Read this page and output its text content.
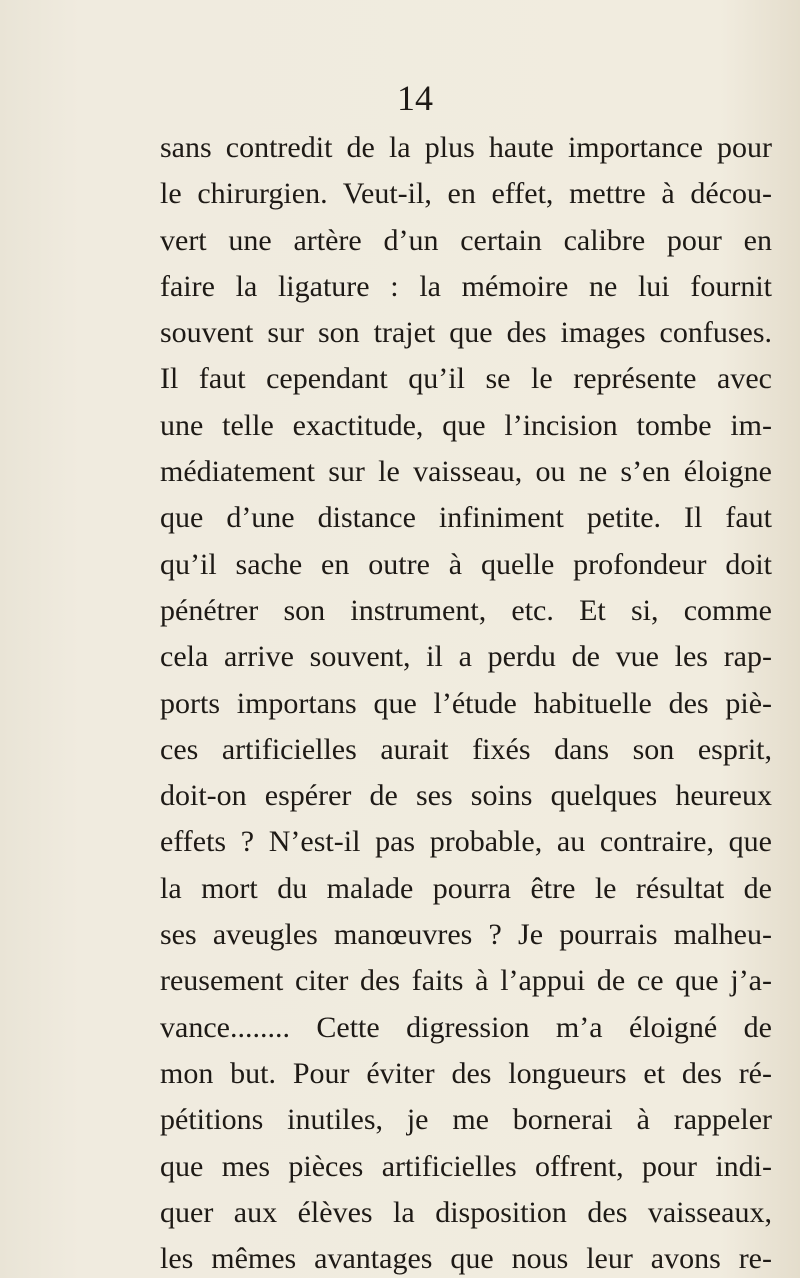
14
sans contredit de la plus haute importance pour
le chirurgien. Veut-il, en effet, mettre à décou-
vert une artère d’un certain calibre pour en
faire la ligature : la mémoire ne lui fournit
souvent sur son trajet que des images confuses.
Il faut cependant qu’il se le représente avec
une telle exactitude, que l’incision tombe im-
médiatement sur le vaisseau, ou ne s’en éloigne
que d’une distance infiniment petite. Il faut
qu’il sache en outre à quelle profondeur doit
pénétrer son instrument, etc. Et si, comme
cela arrive souvent, il a perdu de vue les rap-
ports importans que l’étude habituelle des piè-
ces artificielles aurait fixés dans son esprit,
doit-on espérer de ses soins quelques heureux
effets ? N’est-il pas probable, au contraire, que
la mort du malade pourra être le résultat de
ses aveugles manœuvres ? Je pourrais malheu-
reusement citer des faits à l’appui de ce que j’a-
vance........ Cette digression m’a éloigné de
mon but. Pour éviter des longueurs et des ré-
pétitions inutiles, je me bornerai à rappeler
que mes pièces artificielles offrent, pour indi-
quer aux élèves la disposition des vaisseaux,
les mêmes avantages que nous leur avons re-
